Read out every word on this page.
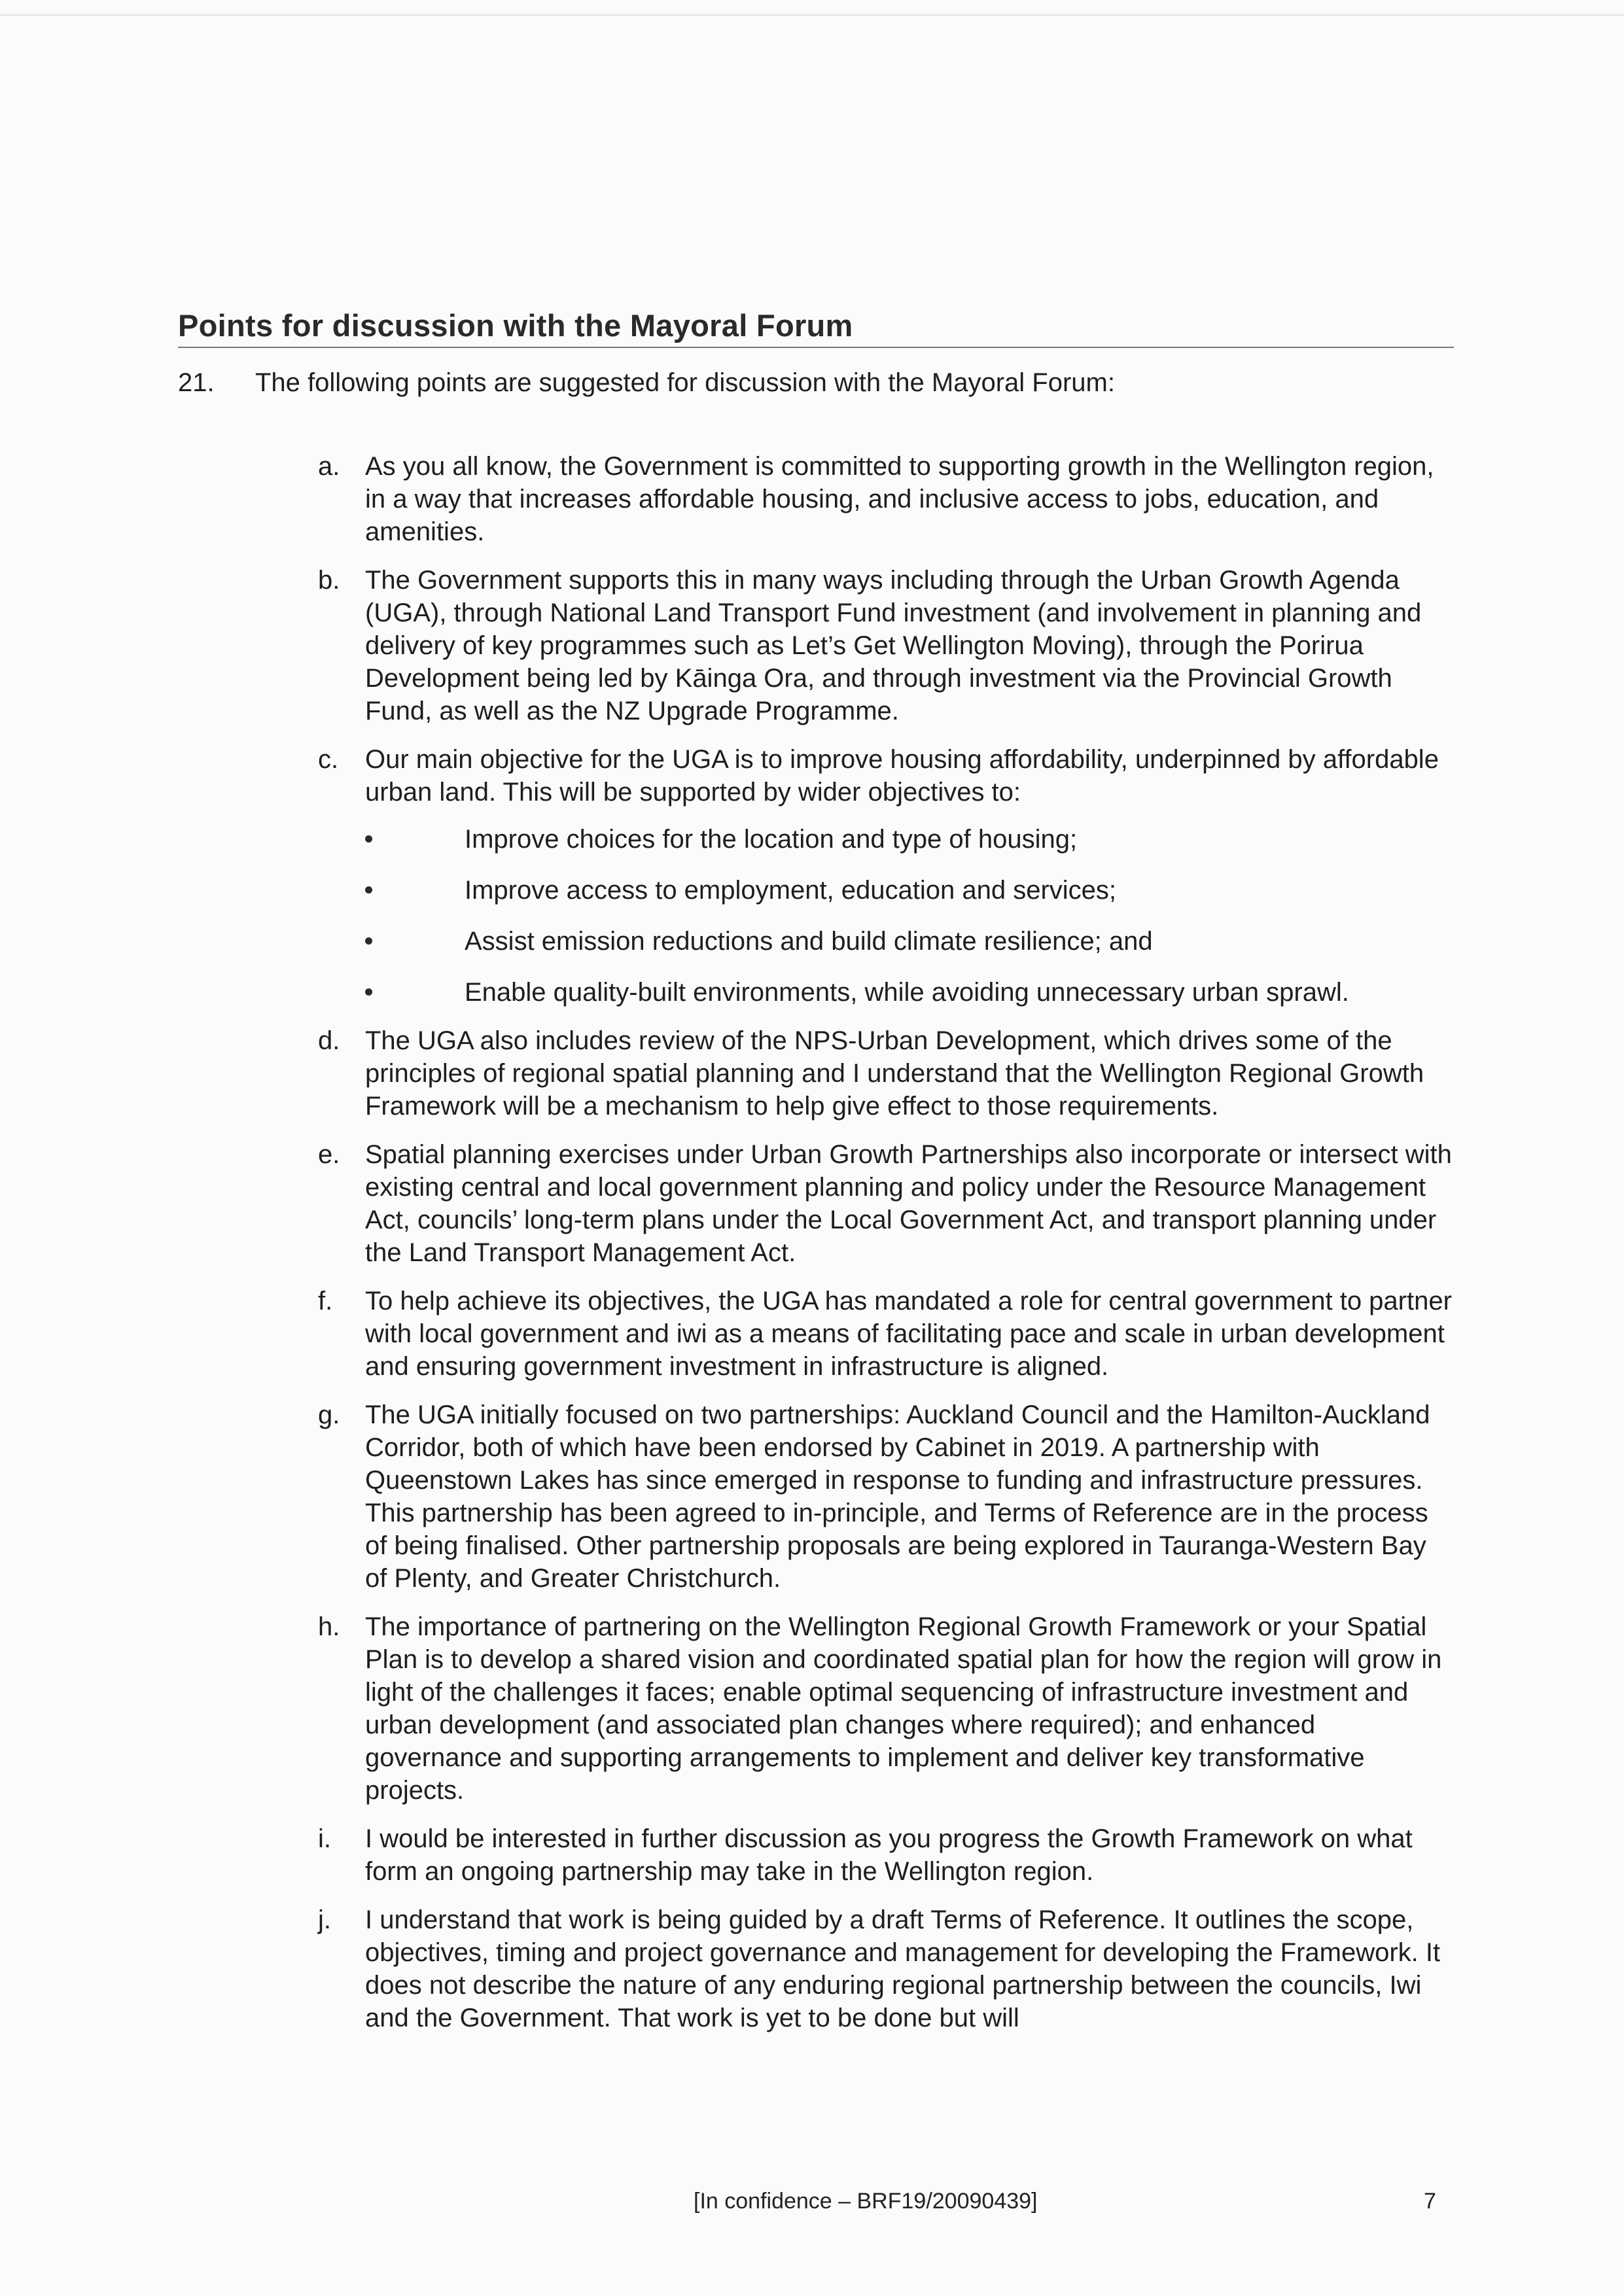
Points for discussion with the Mayoral Forum
21.	The following points are suggested for discussion with the Mayoral Forum:
a. As you all know, the Government is committed to supporting growth in the Wellington region, in a way that increases affordable housing, and inclusive access to jobs, education, and amenities.
b. The Government supports this in many ways including through the Urban Growth Agenda (UGA), through National Land Transport Fund investment (and involvement in planning and delivery of key programmes such as Let’s Get Wellington Moving), through the Porirua Development being led by Kāinga Ora, and through investment via the Provincial Growth Fund, as well as the NZ Upgrade Programme.
c.	Our main objective for the UGA is to improve housing affordability, underpinned by affordable urban land. This will be supported by wider objectives to:
Improve choices for the location and type of housing;
Improve access to employment, education and services;
Assist emission reductions and build climate resilience; and
Enable quality-built environments, while avoiding unnecessary urban sprawl.
d. The UGA also includes review of the NPS-Urban Development, which drives some of the principles of regional spatial planning and I understand that the Wellington Regional Growth Framework will be a mechanism to help give effect to those requirements.
e. Spatial planning exercises under Urban Growth Partnerships also incorporate or intersect with existing central and local government planning and policy under the Resource Management Act, councils’ long-term plans under the Local Government Act, and transport planning under the Land Transport Management Act.
f.	To help achieve its objectives, the UGA has mandated a role for central government to partner with local government and iwi as a means of facilitating pace and scale in urban development and ensuring government investment in infrastructure is aligned.
g. The UGA initially focused on two partnerships: Auckland Council and the Hamilton-Auckland Corridor, both of which have been endorsed by Cabinet in 2019. A partnership with Queenstown Lakes has since emerged in response to funding and infrastructure pressures. This partnership has been agreed to in-principle, and Terms of Reference are in the process of being finalised. Other partnership proposals are being explored in Tauranga-Western Bay of Plenty, and Greater Christchurch.
h. The importance of partnering on the Wellington Regional Growth Framework or your Spatial Plan is to develop a shared vision and coordinated spatial plan for how the region will grow in light of the challenges it faces; enable optimal sequencing of infrastructure investment and urban development (and associated plan changes where required); and enhanced governance and supporting arrangements to implement and deliver key transformative projects.
i.	I would be interested in further discussion as you progress the Growth Framework on what form an ongoing partnership may take in the Wellington region.
j.	I understand that work is being guided by a draft Terms of Reference. It outlines the scope, objectives, timing and project governance and management for developing the Framework. It does not describe the nature of any enduring regional partnership between the councils, Iwi and the Government. That work is yet to be done but will
[In confidence – BRF19/20090439]	7
